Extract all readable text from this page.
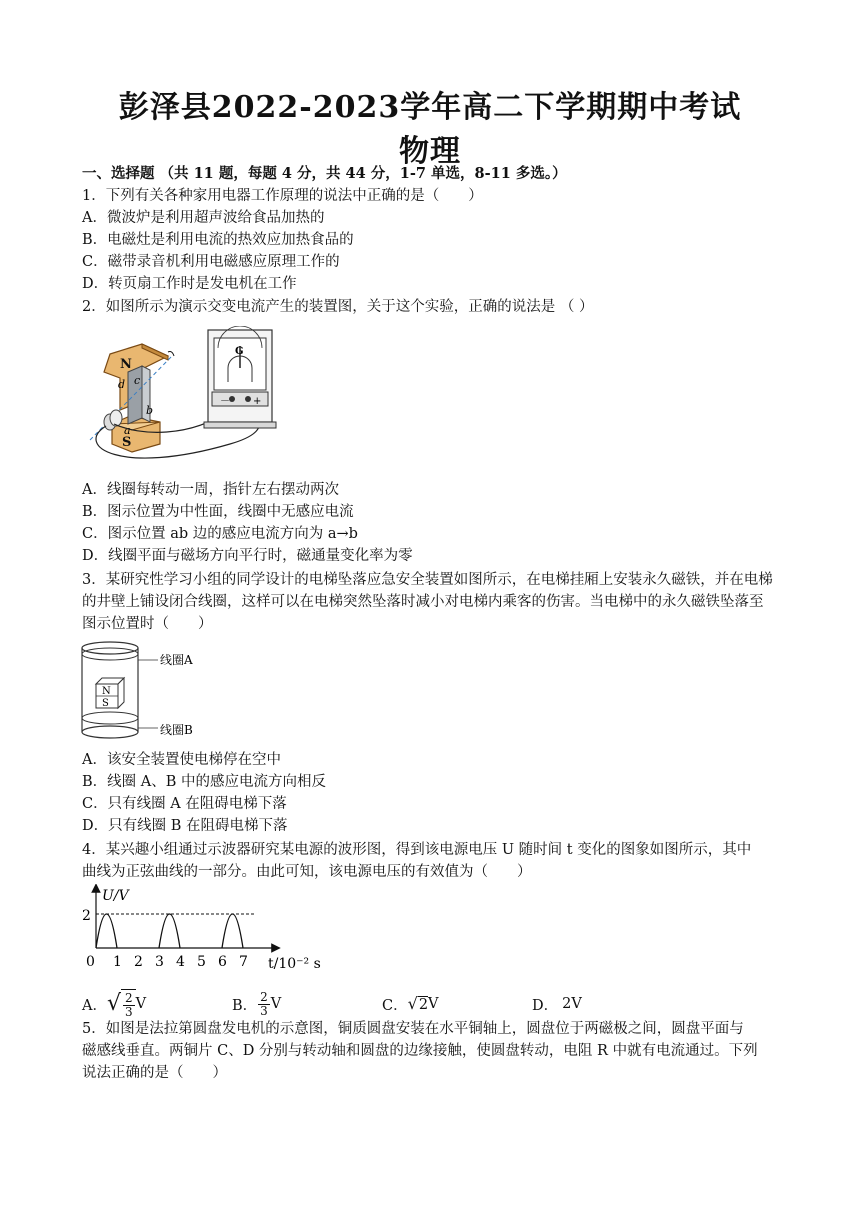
彭泽县2022-2023学年高二下学期期中考试
物理
一、选择题 （共 11 题，每题 4 分，共 44 分，1-7 单选，8-11 多选。）
1．下列有关各种家用电器工作原理的说法中正确的是（　　）
A．微波炉是利用超声波给食品加热的
B．电磁灶是利用电流的热效应加热食品的
C．磁带录音机利用电磁感应原理工作的
D．转页扇工作时是发电机在工作
2．如图所示为演示交变电流产生的装置图，关于这个实验，正确的说法是 （ ）
N
S
d c
b
a
G
－ +
A．线圈每转动一周，指针左右摆动两次
B．图示位置为中性面，线圈中无感应电流
C．图示位置 ab 边的感应电流方向为 a→b
D．线圈平面与磁场方向平行时，磁通量变化率为零
3．某研究性学习小组的同学设计的电梯坠落应急安全装置如图所示，在电梯挂厢上安装永久磁铁，并在电梯的井壁上铺设闭合线圈，这样可以在电梯突然坠落时减小对电梯内乘客的伤害。当电梯中的永久磁铁坠落至图示位置时（　　）
N
S
线圈A
线圈B
A．该安全装置使电梯停在空中
B．线圈 A、B 中的感应电流方向相反
C．只有线圈 A 在阻碍电梯下落
D．只有线圈 B 在阻碍电梯下落
4．某兴趣小组通过示波器研究某电源的波形图，得到该电源电压 U 随时间 t 变化的图象如图所示，其中
曲线为正弦曲线的一部分。由此可知，该电源电压的有效值为（　　）
U/V
2
0 1 2 3 4 5 6 7 t/10⁻² s
A． √ $\frac{2}{3}$ V	B． $\frac{2}{3}$ V	C． √ 2 V	D． 2V
5．如图是法拉第圆盘发电机的示意图，铜质圆盘安装在水平铜轴上，圆盘位于两磁极之间，圆盘平面与
磁感线垂直。两铜片 C、D 分别与转动轴和圆盘的边缘接触，使圆盘转动，电阻 R 中就有电流通过。下列
说法正确的是（　　）
